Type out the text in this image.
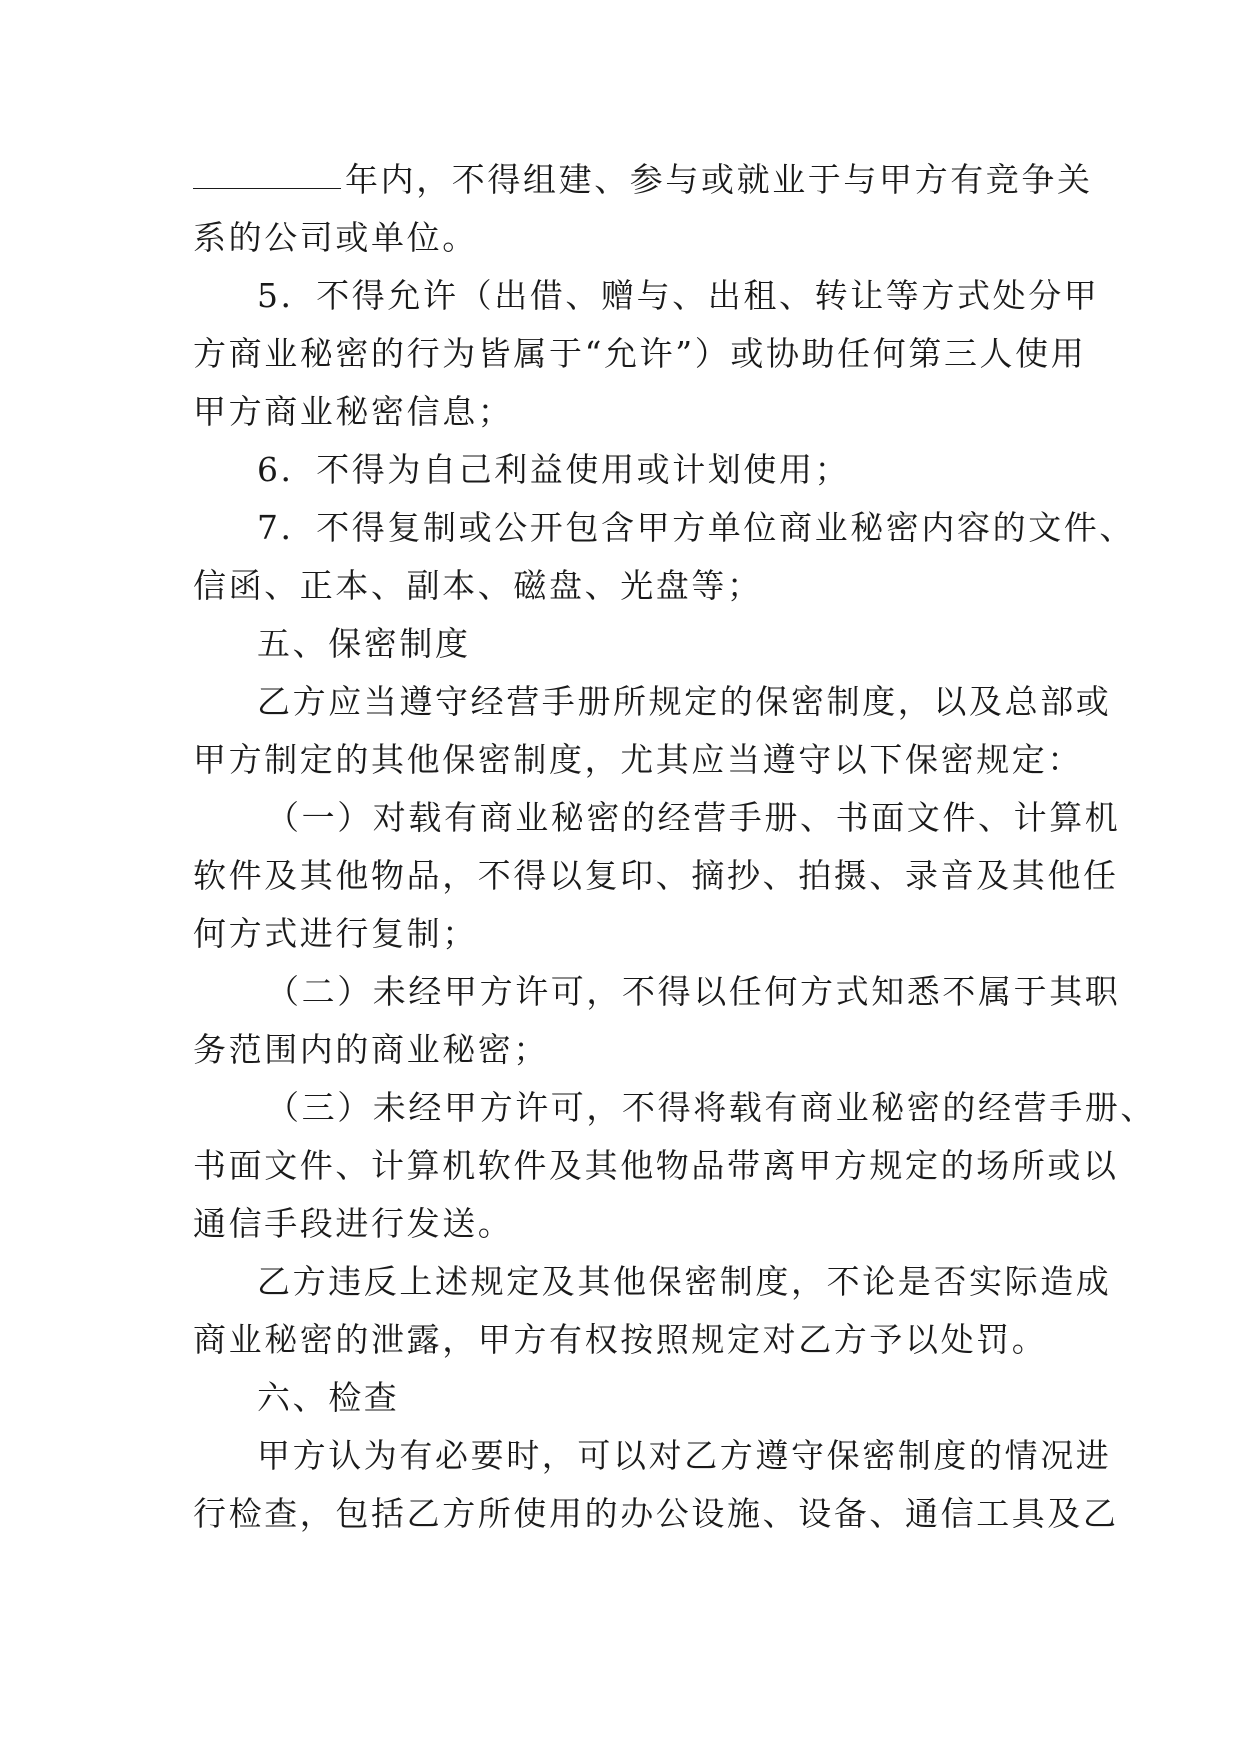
年内，不得组建、参与或就业于与甲方有竞争关
系的公司或单位。
5．不得允许（出借、赠与、出租、转让等方式处分甲
方商业秘密的行为皆属于“允许”）或协助任何第三人使用
甲方商业秘密信息；
6．不得为自己利益使用或计划使用；
7．不得复制或公开包含甲方单位商业秘密内容的文件、
信函、正本、副本、磁盘、光盘等；
五、保密制度
乙方应当遵守经营手册所规定的保密制度，以及总部或
甲方制定的其他保密制度，尤其应当遵守以下保密规定：
（一）对载有商业秘密的经营手册、书面文件、计算机
软件及其他物品，不得以复印、摘抄、拍摄、录音及其他任
何方式进行复制；
（二）未经甲方许可，不得以任何方式知悉不属于其职
务范围内的商业秘密；
（三）未经甲方许可，不得将载有商业秘密的经营手册、
书面文件、计算机软件及其他物品带离甲方规定的场所或以
通信手段进行发送。
乙方违反上述规定及其他保密制度，不论是否实际造成
商业秘密的泄露，甲方有权按照规定对乙方予以处罚。
六、检查
甲方认为有必要时，可以对乙方遵守保密制度的情况进
行检查，包括乙方所使用的办公设施、设备、通信工具及乙
